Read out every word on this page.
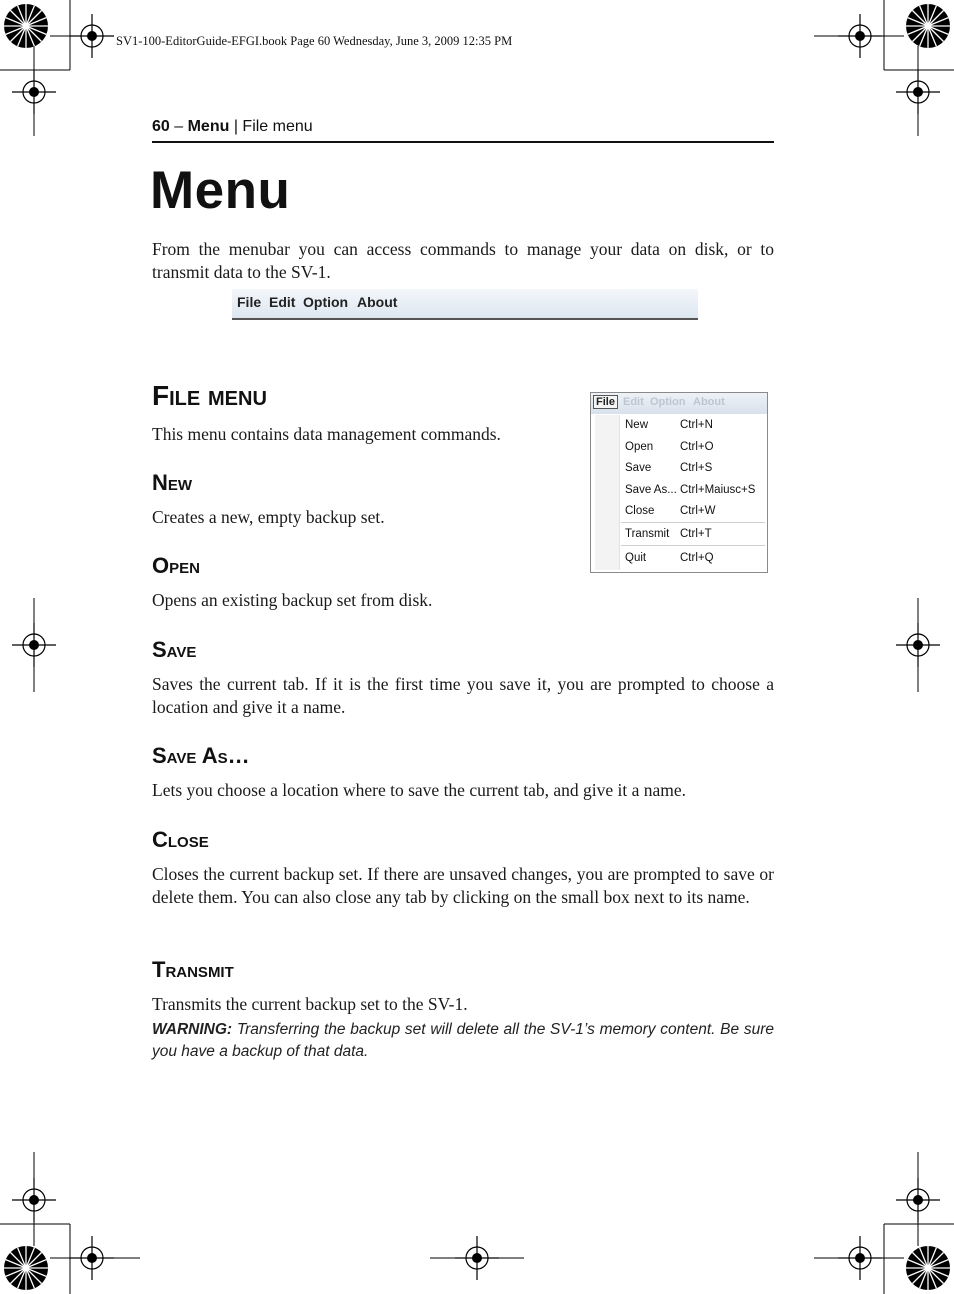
SV1-100-EditorGuide-EFGI.book Page 60 Wednesday, June 3, 2009 12:35 PM
60 – Menu | File menu
Menu

From the menubar you can access commands to manage your data on disk, or to transmit data to the SV-1.

File Edit Option About
File menu

This menu contains data management commands.

File Edit Option About
New	Ctrl+N
Open Ctrl+O
Save	Ctrl+S
Save As... Ctrl+Maiusc+S
Close Ctrl+W
Transmit Ctrl+T
Quit	Ctrl+Q
New

Creates a new, empty backup set.

Open

Opens an existing backup set from disk.

Save

Saves the current tab. If it is the first time you save it, you are prompted to choose a location and give it a name.

Save As…

Lets you choose a location where to save the current tab, and give it a name.

Close

Closes the current backup set. If there are unsaved changes, you are prompted to save or delete them. You can also close any tab by clicking on the small box next to its name.

Transmit

Transmits the current backup set to the SV-1.

WARNING: Transferring the backup set will delete all the SV-1’s memory content. Be sure you have a backup of that data.
